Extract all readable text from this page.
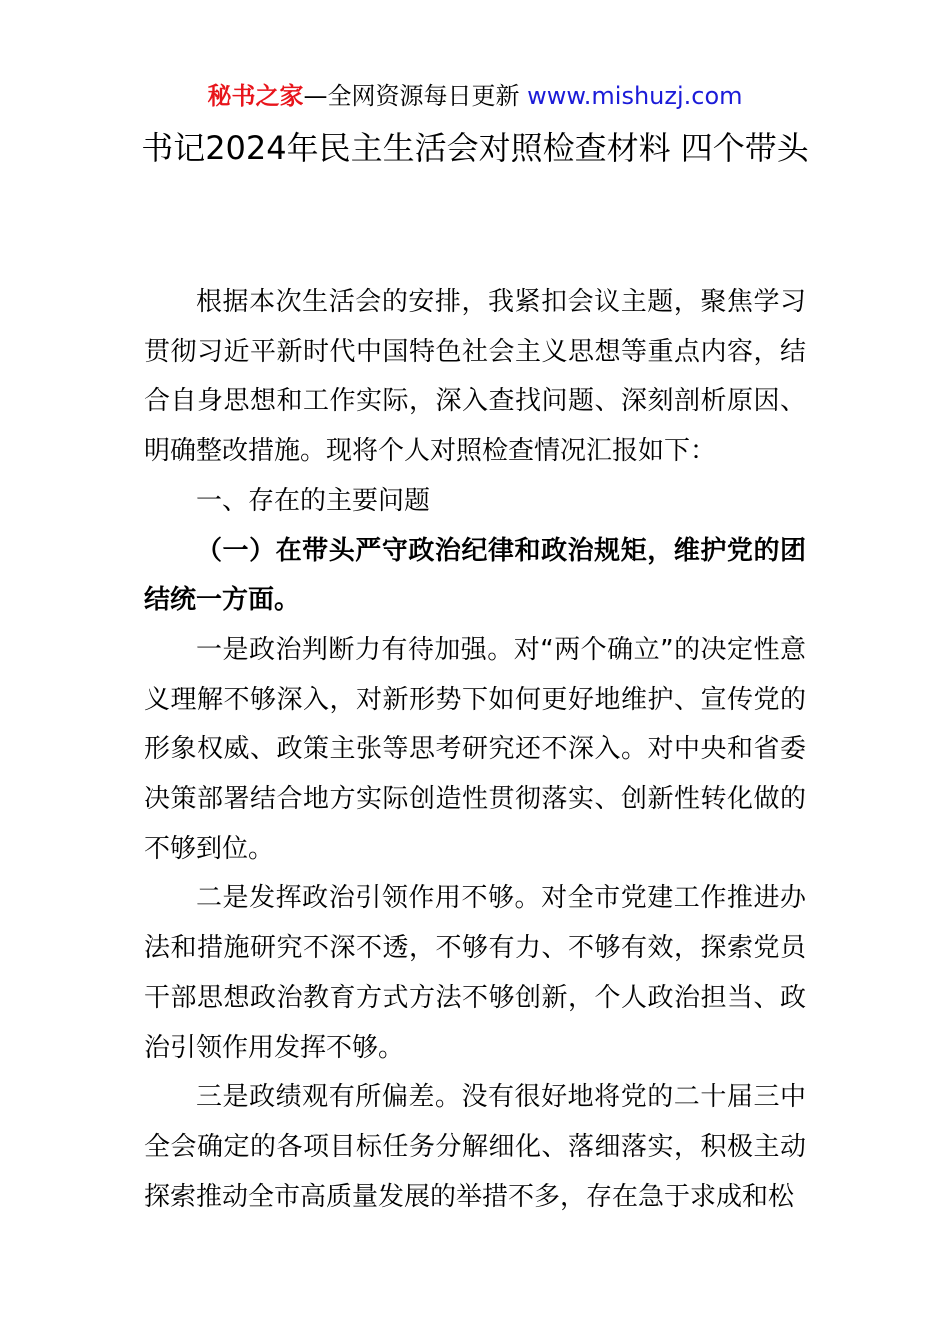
秘书之家—全网资源每日更新 www.mishuzj.com
书记2024年民主生活会对照检查材料 四个带头

根据本次生活会的安排，我紧扣会议主题，聚焦学习贯彻习近平新时代中国特色社会主义思想等重点内容，结合自身思想和工作实际，深入查找问题、深刻剖析原因、明确整改措施。现将个人对照检查情况汇报如下：

一、存在的主要问题

（一）在带头严守政治纪律和政治规矩，维护党的团结统一方面。

一是政治判断力有待加强。对“两个确立”的决定性意义理解不够深入，对新形势下如何更好地维护、宣传党的形象权威、政策主张等思考研究还不深入。对中央和省委决策部署结合地方实际创造性贯彻落实、创新性转化做的不够到位。

二是发挥政治引领作用不够。对全市党建工作推进办法和措施研究不深不透，不够有力、不够有效，探索党员干部思想政治教育方式方法不够创新，个人政治担当、政治引领作用发挥不够。

三是政绩观有所偏差。没有很好地将党的二十届三中全会确定的各项目标任务分解细化、落细落实，积极主动探索推动全市高质量发展的举措不多，存在急于求成和松
